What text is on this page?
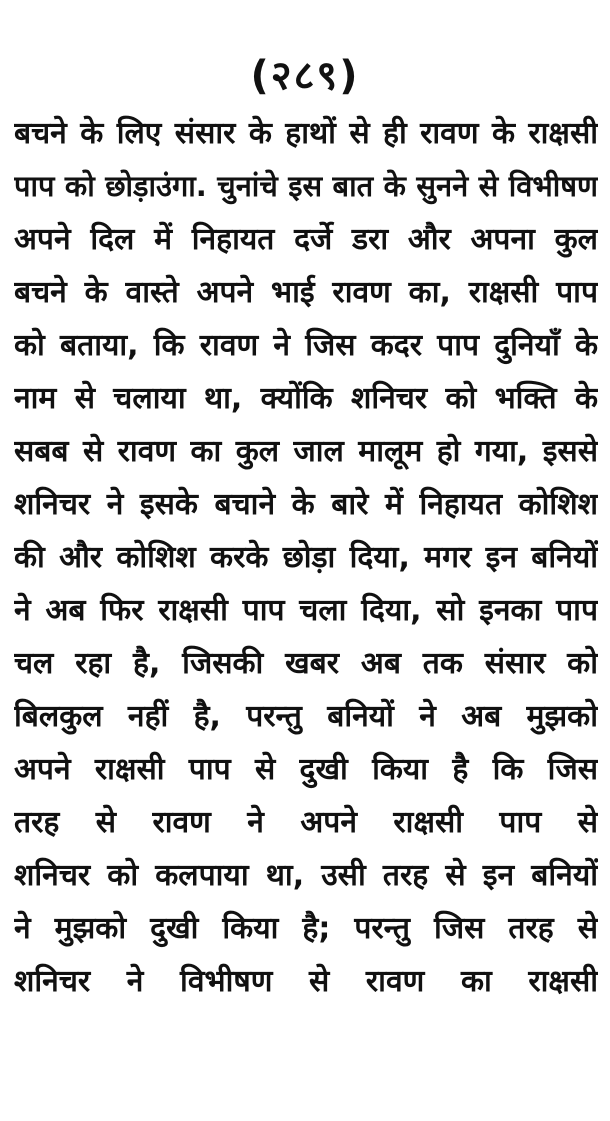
(२८९)
बचने के लिए संसार के हाथों से ही रावण के राक्षसी
पाप को छोड़ाउंगा. चुनांचे इस बात के सुनने से विभीषण
अपने दिल में निहायत दर्जे डरा और अपना कुल
बचने के वास्ते अपने भाई रावण का, राक्षसी पाप
को बताया, कि रावण ने जिस कदर पाप दुनियाँ के
नाम से चलाया था, क्योंकि शनिचर को भक्ति के
सबब से रावण का कुल जाल मालूम हो गया, इससे
शनिचर ने इसके बचाने के बारे में निहायत कोशिश
की और कोशिश करके छोड़ा दिया, मगर इन बनियों
ने अब फिर राक्षसी पाप चला दिया, सो इनका पाप
चल रहा है, जिसकी खबर अब तक संसार को
बिलकुल नहीं है, परन्तु बनियों ने अब मुझको
अपने राक्षसी पाप से दुखी किया है कि जिस
तरह से रावण ने अपने राक्षसी पाप से
शनिचर को कलपाया था, उसी तरह से इन बनियों
ने मुझको दुखी किया है; परन्तु जिस तरह से
शनिचर ने विभीषण से रावण का राक्षसी
